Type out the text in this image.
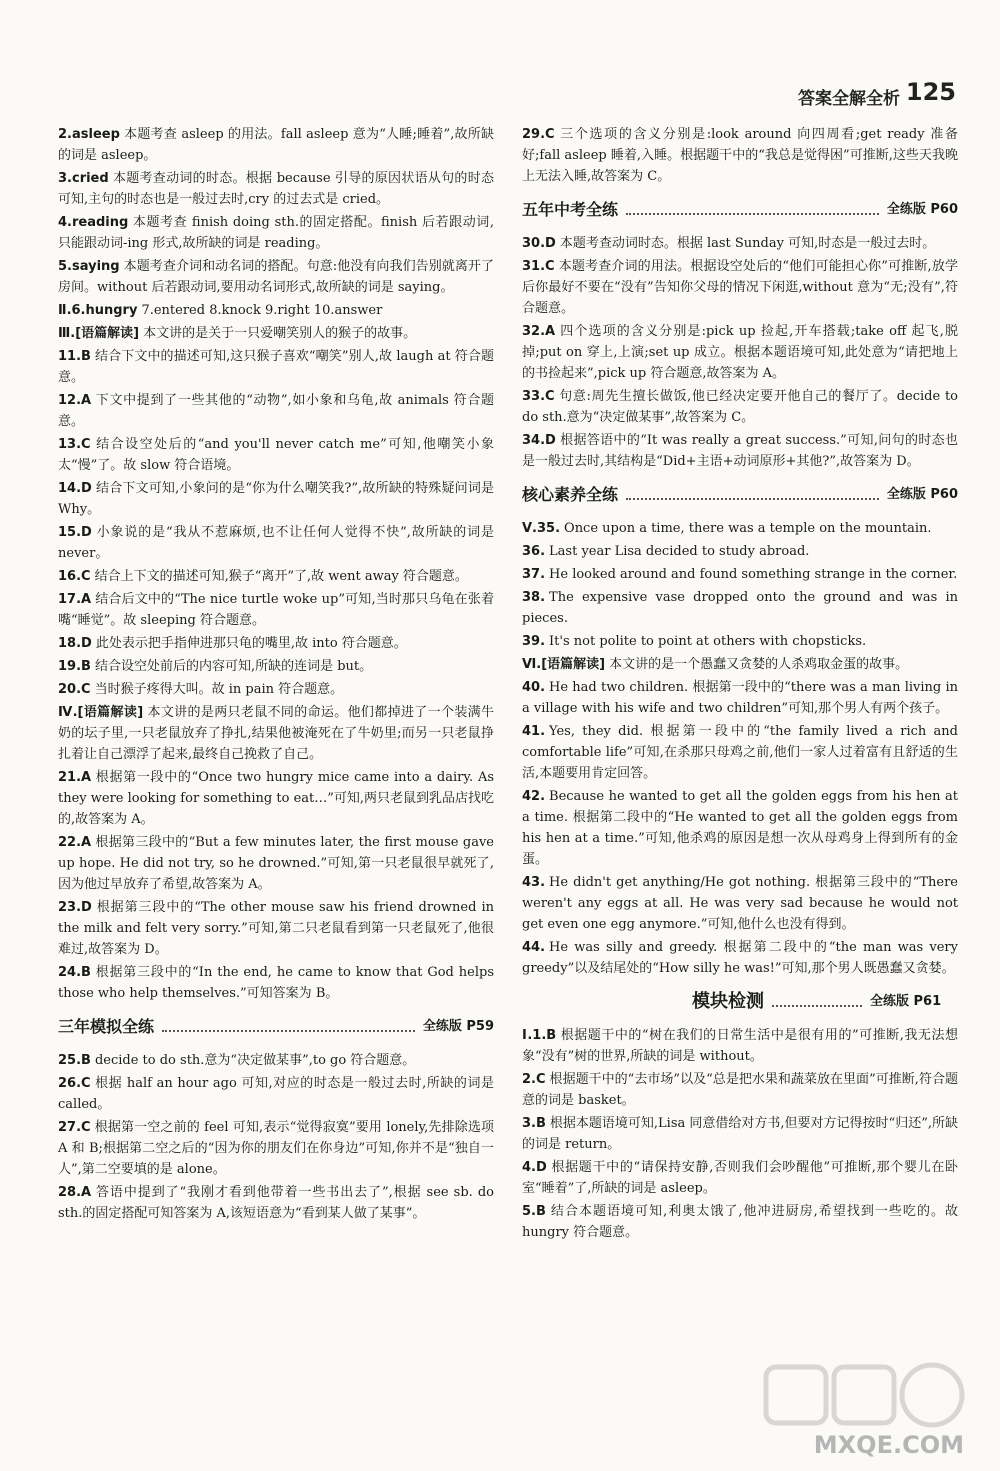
答案全解全析 125
2.asleep 本题考查 asleep 的用法。fall asleep 意为“人睡;睡着”,故所缺的词是 asleep。
3.cried 本题考查动词的时态。根据 because 引导的原因状语从句的时态可知,主句的时态也是一般过去时,cry 的过去式是 cried。
4.reading 本题考查 finish doing sth.的固定搭配。finish 后若跟动词,只能跟动词-ing 形式,故所缺的词是 reading。
5.saying 本题考查介词和动名词的搭配。句意:他没有向我们告别就离开了房间。without 后若跟动词,要用动名词形式,故所缺的词是 saying。
Ⅱ.6.hungry 7.entered 8.knock 9.right 10.answer
Ⅲ.[语篇解读] 本文讲的是关于一只爱嘲笑别人的猴子的故事。
11.B 结合下文中的描述可知,这只猴子喜欢“嘲笑”别人,故 laugh at 符合题意。
12.A 下文中提到了一些其他的“动物”,如小象和乌龟,故 animals 符合题意。
13.C 结合设空处后的“and you'll never catch me”可知,他嘲笑小象太“慢”了。故 slow 符合语境。
14.D 结合下文可知,小象问的是“你为什么嘲笑我?”,故所缺的特殊疑问词是 Why。
15.D 小象说的是“我从不惹麻烦,也不让任何人觉得不快”,故所缺的词是 never。
16.C 结合上下文的描述可知,猴子“离开”了,故 went away 符合题意。
17.A 结合后文中的“The nice turtle woke up”可知,当时那只乌龟在张着嘴“睡觉”。故 sleeping 符合题意。
18.D 此处表示把手指伸进那只龟的嘴里,故 into 符合题意。
19.B 结合设空处前后的内容可知,所缺的连词是 but。
20.C 当时猴子疼得大叫。故 in pain 符合题意。
Ⅳ.[语篇解读] 本文讲的是两只老鼠不同的命运。他们都掉进了一个装满牛奶的坛子里,一只老鼠放弃了挣扎,结果他被淹死在了牛奶里;而另一只老鼠挣扎着让自己漂浮了起来,最终自己挽救了自己。
21.A 根据第一段中的“Once two hungry mice came into a dairy. As they were looking for something to eat…”可知,两只老鼠到乳品店找吃的,故答案为 A。
22.A 根据第三段中的“But a few minutes later, the first mouse gave up hope. He did not try, so he drowned.”可知,第一只老鼠很早就死了,因为他过早放弃了希望,故答案为 A。
23.D 根据第三段中的“The other mouse saw his friend drowned in the milk and felt very sorry.”可知,第二只老鼠看到第一只老鼠死了,他很难过,故答案为 D。
24.B 根据第三段中的“In the end, he came to know that God helps those who help themselves.”可知答案为 B。
三年模拟全练	全练版 P59
25.B decide to do sth.意为“决定做某事”,to go 符合题意。
26.C 根据 half an hour ago 可知,对应的时态是一般过去时,所缺的词是 called。
27.C 根据第一空之前的 feel 可知,表示“觉得寂寞”要用 lonely,先排除选项 A 和 B;根据第二空之后的“因为你的朋友们在你身边”可知,你并不是“独自一人”,第二空要填的是 alone。
28.A 答语中提到了“我刚才看到他带着一些书出去了”,根据 see sb. do sth.的固定搭配可知答案为 A,该短语意为“看到某人做了某事”。
29.C 三个选项的含义分别是:look around 向四周看;get ready 准备好;fall asleep 睡着,入睡。根据题干中的“我总是觉得困”可推断,这些天我晚上无法入睡,故答案为 C。
五年中考全练	全练版 P60
30.D 本题考查动词时态。根据 last Sunday 可知,时态是一般过去时。
31.C 本题考查介词的用法。根据设空处后的“他们可能担心你”可推断,放学后你最好不要在“没有”告知你父母的情况下闲逛,without 意为“无;没有”,符合题意。
32.A 四个选项的含义分别是:pick up 捡起,开车搭载;take off 起飞,脱掉;put on 穿上,上演;set up 成立。根据本题语境可知,此处意为“请把地上的书捡起来”,pick up 符合题意,故答案为 A。
33.C 句意:周先生擅长做饭,他已经决定要开他自己的餐厅了。decide to do sth.意为“决定做某事”,故答案为 C。
34.D 根据答语中的“It was really a great success.”可知,问句的时态也是一般过去时,其结构是“Did+主语+动词原形+其他?”,故答案为 D。
核心素养全练	全练版 P60
Ⅴ.35. Once upon a time, there was a temple on the mountain.
36. Last year Lisa decided to study abroad.
37. He looked around and found something strange in the corner.
38. The expensive vase dropped onto the ground and was in pieces.
39. It's not polite to point at others with chopsticks.
Ⅵ.[语篇解读] 本文讲的是一个愚蠢又贪婪的人杀鸡取金蛋的故事。
40. He had two children. 根据第一段中的“there was a man living in a village with his wife and two children”可知,那个男人有两个孩子。
41. Yes, they did. 根据第一段中的“the family lived a rich and comfortable life”可知,在杀那只母鸡之前,他们一家人过着富有且舒适的生活,本题要用肯定回答。
42. Because he wanted to get all the golden eggs from his hen at a time. 根据第二段中的“He wanted to get all the golden eggs from his hen at a time.”可知,他杀鸡的原因是想一次从母鸡身上得到所有的金蛋。
43. He didn't get anything/He got nothing. 根据第三段中的“There weren't any eggs at all. He was very sad because he would not get even one egg anymore.”可知,他什么也没有得到。
44. He was silly and greedy. 根据第二段中的“the man was very greedy”以及结尾处的“How silly he was!”可知,那个男人既愚蠢又贪婪。
模块检测	全练版 P61
Ⅰ.1.B 根据题干中的“树在我们的日常生活中是很有用的”可推断,我无法想象“没有”树的世界,所缺的词是 without。
2.C 根据题干中的“去市场”以及“总是把水果和蔬菜放在里面”可推断,符合题意的词是 basket。
3.B 根据本题语境可知,Lisa 同意借给对方书,但要对方记得按时“归还”,所缺的词是 return。
4.D 根据题干中的“请保持安静,否则我们会吵醒他”可推断,那个婴儿在卧室“睡着”了,所缺的词是 asleep。
5.B 结合本题语境可知,利奥太饿了,他冲进厨房,希望找到一些吃的。故 hungry 符合题意。
MXQE.COM
